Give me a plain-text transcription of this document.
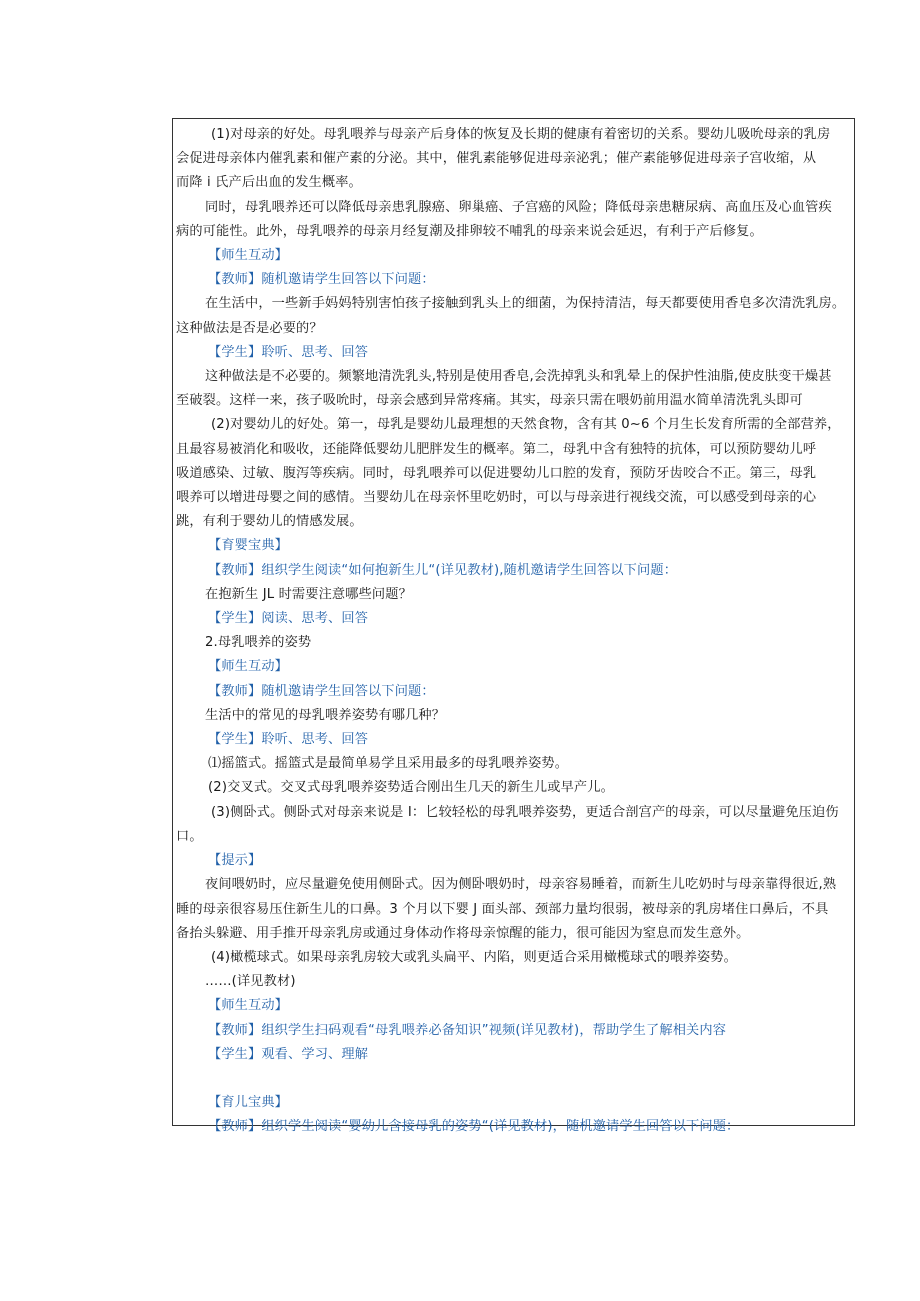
(1)对母亲的好处。母乳喂养与母亲产后身体的恢复及长期的健康有着密切的关系。婴幼儿吸吮母亲的乳房
会促进母亲体内催乳素和催产素的分泌。其中，催乳素能够促进母亲泌乳；催产素能够促进母亲子宫收缩，从
而降 i 氏产后出血的发生概率。
同时，母乳喂养还可以降低母亲患乳腺癌、卵巢癌、子宫癌的风险；降低母亲患糖尿病、高血压及心血管疾
病的可能性。此外，母乳喂养的母亲月经复潮及排卵较不哺乳的母亲来说会延迟，有利于产后修复。
【师生互动】
【教师】随机邀请学生回答以下问题：
在生活中，一些新手妈妈特别害怕孩子接触到乳头上的细菌，为保持清洁，每天都要使用香皂多次清洗乳房。
这种做法是否是必要的？
【学生】聆听、思考、回答
这种做法是不必要的。频繁地清洗乳头,特别是使用香皂,会洗掉乳头和乳晕上的保护性油脂,使皮肤变干燥甚
至破裂。这样一来，孩子吸吮时，母亲会感到异常疼痛。其实，母亲只需在喂奶前用温水简单清洗乳头即可
(2)对婴幼儿的好处。第一，母乳是婴幼儿最理想的天然食物，含有其 0~6 个月生长发育所需的全部营养，
且最容易被消化和吸收，还能降低婴幼儿肥胖发生的概率。第二，母乳中含有独特的抗体，可以预防婴幼儿呼
吸道感染、过敏、腹泻等疾病。同时，母乳喂养可以促进婴幼儿口腔的发育，预防牙齿咬合不正。第三，母乳
喂养可以增进母婴之间的感情。当婴幼儿在母亲怀里吃奶时，可以与母亲进行视线交流，可以感受到母亲的心
跳，有利于婴幼儿的情感发展。
【育婴宝典】
【教师】组织学生阅读“如何抱新生儿“(详见教材),随机邀请学生回答以下问题：
在抱新生 JL 时需要注意哪些问题？
【学生】阅读、思考、回答
2.母乳喂养的姿势
【师生互动】
【教师】随机邀请学生回答以下问题：
生活中的常见的母乳喂养姿势有哪几种？
【学生】聆听、思考、回答
⑴摇篮式。摇篮式是最简单易学且采用最多的母乳喂养姿势。
(2)交叉式。交叉式母乳喂养姿势适合刚出生几天的新生儿或早产儿。
(3)侧卧式。侧卧式对母亲来说是 I：匕较轻松的母乳喂养姿势，更适合剖宫产的母亲，可以尽量避免压迫伤
口。
【提示】
夜间喂奶时，应尽量避免使用侧卧式。因为侧卧喂奶时，母亲容易睡着，而新生儿吃奶时与母亲靠得很近,熟
睡的母亲很容易压住新生儿的口鼻。3 个月以下婴 J 面头部、颈部力量均很弱，被母亲的乳房堵住口鼻后，不具
备抬头躲避、用手推开母亲乳房或通过身体动作将母亲惊醒的能力，很可能因为窒息而发生意外。
(4)橄榄球式。如果母亲乳房较大或乳头扁平、内陷，则更适合采用橄榄球式的喂养姿势。
……(详见教材)
【师生互动】
【教师】组织学生扫码观看“母乳喂养必备知识”视频(详见教材)，帮助学生了解相关内容
【学生】观看、学习、理解
【育儿宝典】
【教师】组织学生阅读“婴幼儿含接母乳的姿势“(详见教材)，随机邀请学生回答以下问题：
